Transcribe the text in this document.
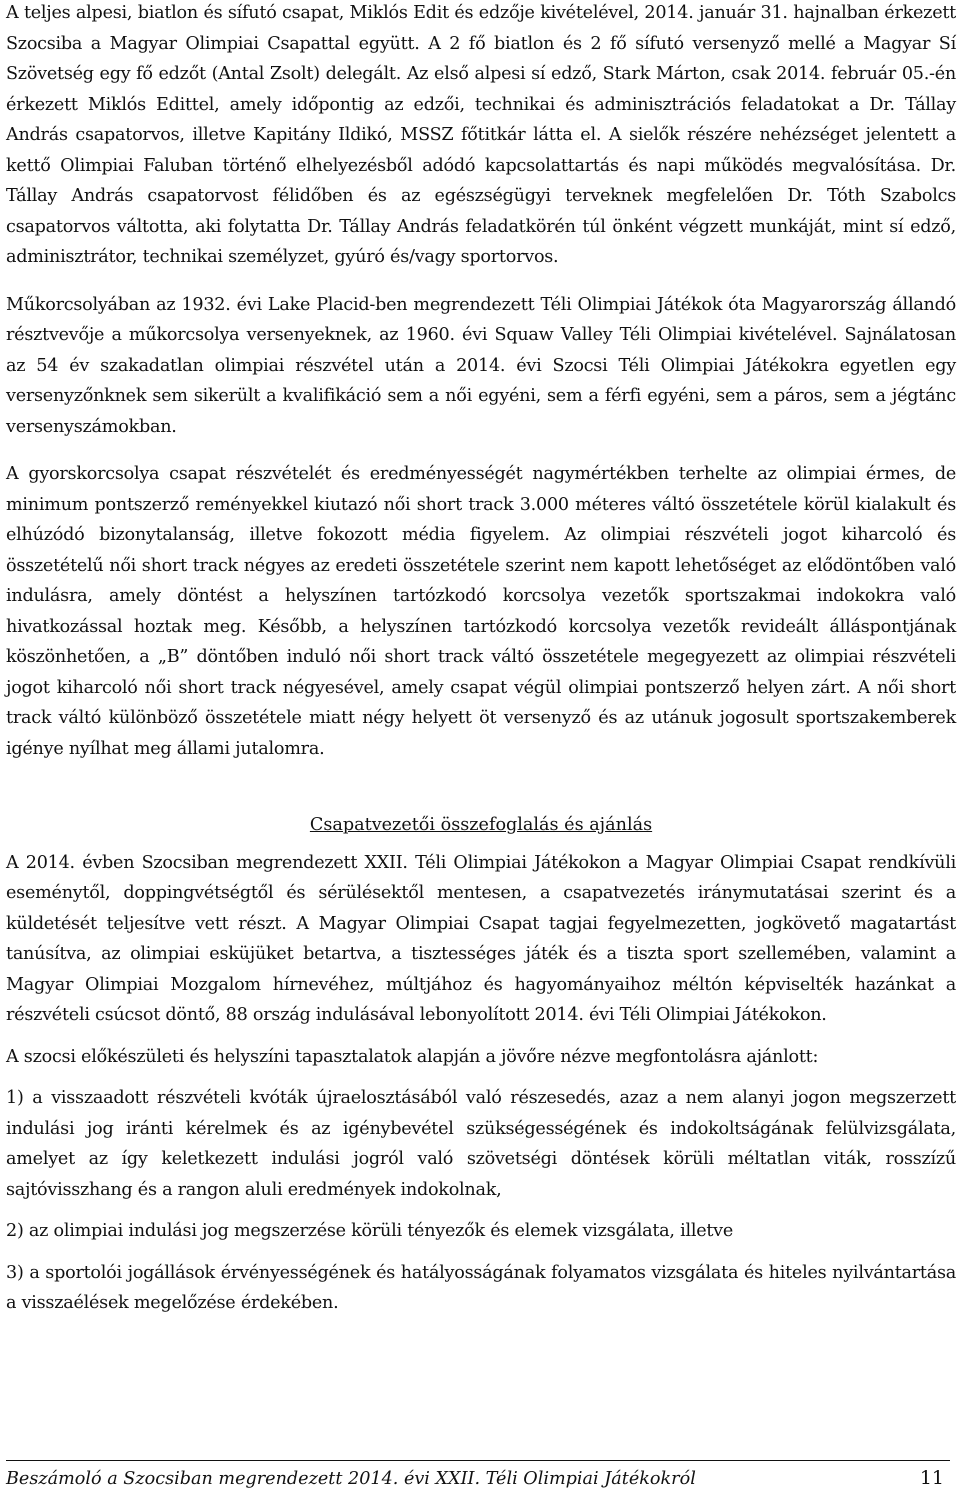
A teljes alpesi, biatlon és sífutó csapat, Miklós Edit és edzője kivételével, 2014. január 31. hajnalban érkezett Szocsiba a Magyar Olimpiai Csapattal együtt. A 2 fő biatlon és 2 fő sífutó versenyző mellé a Magyar Sí Szövetség egy fő edzőt (Antal Zsolt) delegált. Az első alpesi sí edző, Stark Márton, csak 2014. február 05.-én érkezett Miklós Edittel, amely időpontig az edzői, technikai és adminisztrációs feladatokat a Dr. Tállay András csapatorvos, illetve Kapitány Ildikó, MSSZ főtitkár látta el. A sielők részére nehézséget jelentett a kettő Olimpiai Faluban történő elhelyezésből adódó kapcsolattartás és napi működés megvalósítása. Dr. Tállay András csapatorvost félidőben és az egészségügyi terveknek megfelelően Dr. Tóth Szabolcs csapatorvos váltotta, aki folytatta Dr. Tállay András feladatkörén túl önként végzett munkáját, mint sí edző, adminisztrátor, technikai személyzet, gyúró és/vagy sportorvos.

Műkorcsolyában az 1932. évi Lake Placid-ben megrendezett Téli Olimpiai Játékok óta Magyarország állandó résztvevője a műkorcsolya versenyeknek, az 1960. évi Squaw Valley Téli Olimpiai kivételével. Sajnálatosan az 54 év szakadatlan olimpiai részvétel után a 2014. évi Szocsi Téli Olimpiai Játékokra egyetlen egy versenyzőnknek sem sikerült a kvalifikáció sem a női egyéni, sem a férfi egyéni, sem a páros, sem a jégtánc versenyszámokban.

A gyorskorcsolya csapat részvételét és eredményességét nagymértékben terhelte az olimpiai érmes, de minimum pontszerző reményekkel kiutazó női short track 3.000 méteres váltó összetétele körül kialakult és elhúzódó bizonytalanság, illetve fokozott média figyelem. Az olimpiai részvételi jogot kiharcoló és összetételű női short track négyes az eredeti összetétele szerint nem kapott lehetőséget az elődöntőben való indulásra, amely döntést a helyszínen tartózkodó korcsolya vezetők sportszakmai indokokra való hivatkozással hoztak meg. Később, a helyszínen tartózkodó korcsolya vezetők revideált álláspontjának köszönhetően, a „B” döntőben induló női short track váltó összetétele megegyezett az olimpiai részvételi jogot kiharcoló női short track négyesével, amely csapat végül olimpiai pontszerző helyen zárt. A női short track váltó különböző összetétele miatt négy helyett öt versenyző és az utánuk jogosult sportszakemberek igénye nyílhat meg állami jutalomra.

Csapatvezetői összefoglalás és ajánlás

A 2014. évben Szocsiban megrendezett XXII. Téli Olimpiai Játékokon a Magyar Olimpiai Csapat rendkívüli eseménytől, doppingvétségtől és sérülésektől mentesen, a csapatvezetés iránymutatásai szerint és a küldetését teljesítve vett részt. A Magyar Olimpiai Csapat tagjai fegyelmezetten, jogkövető magatartást tanúsítva, az olimpiai esküjüket betartva, a tisztességes játék és a tiszta sport szellemében, valamint a Magyar Olimpiai Mozgalom hírnevéhez, múltjához és hagyományaihoz méltón képviselték hazánkat a részvételi csúcsot döntő, 88 ország indulásával lebonyolított 2014. évi Téli Olimpiai Játékokon.

A szocsi előkészületi és helyszíni tapasztalatok alapján a jövőre nézve megfontolásra ajánlott:

1) a visszaadott részvételi kvóták újraelosztásából való részesedés, azaz a nem alanyi jogon megszerzett indulási jog iránti kérelmek és az igénybevétel szükségességének és indokoltságának felülvizsgálata, amelyet az így keletkezett indulási jogról való szövetségi döntések körüli méltatlan viták, rosszízű sajtóvisszhang és a rangon aluli eredmények indokolnak,

2) az olimpiai indulási jog megszerzése körüli tényezők és elemek vizsgálata, illetve

3) a sportolói jogállások érvényességének és hatályosságának folyamatos vizsgálata és hiteles nyilvántartása a visszaélések megelőzése érdekében.

Beszámoló a Szocsiban megrendezett 2014. évi XXII. Téli Olimpiai Játékokról	11
